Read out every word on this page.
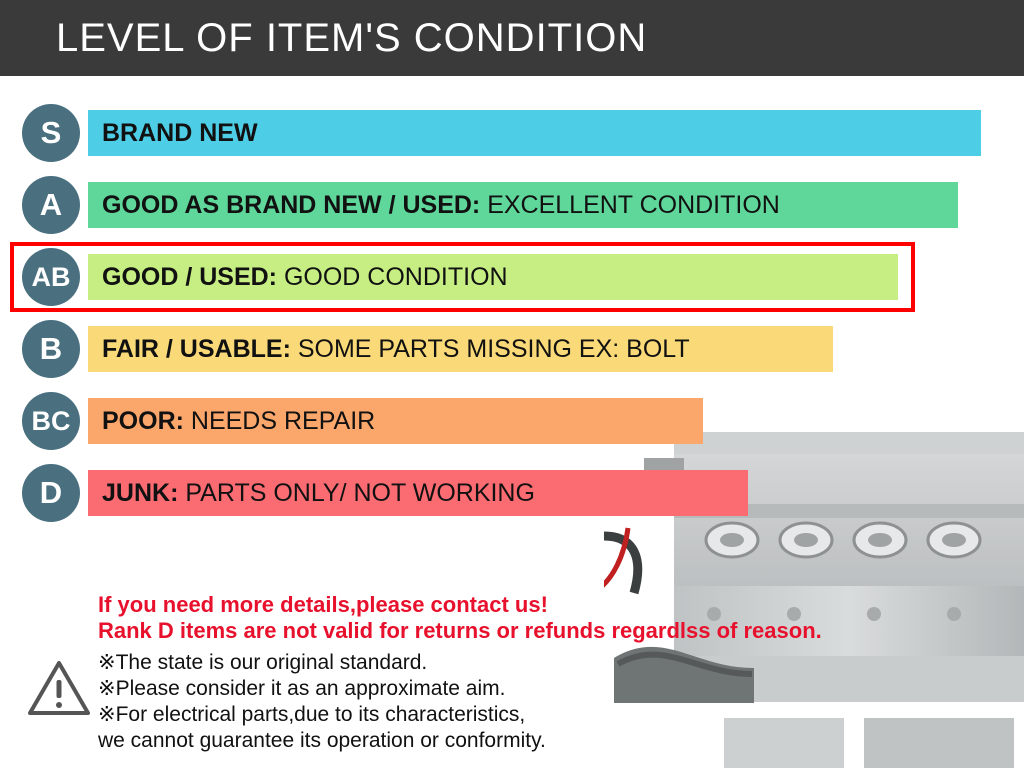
LEVEL OF ITEM'S CONDITION
BRAND NEW
S
GOOD AS BRAND NEW / USED: EXCELLENT CONDITION
A
GOOD / USED: GOOD CONDITION
AB
FAIR / USABLE: SOME PARTS MISSING EX: BOLT
B
POOR: NEEDS REPAIR
BC
JUNK: PARTS ONLY/ NOT WORKING
D
If you need more details,please contact us!
Rank D items are not valid for returns or refunds regardlss of reason.
※The state is our original standard.
※Please consider it as an approximate aim.
※For electrical parts,due to its characteristics,
we cannot guarantee its operation or conformity.
